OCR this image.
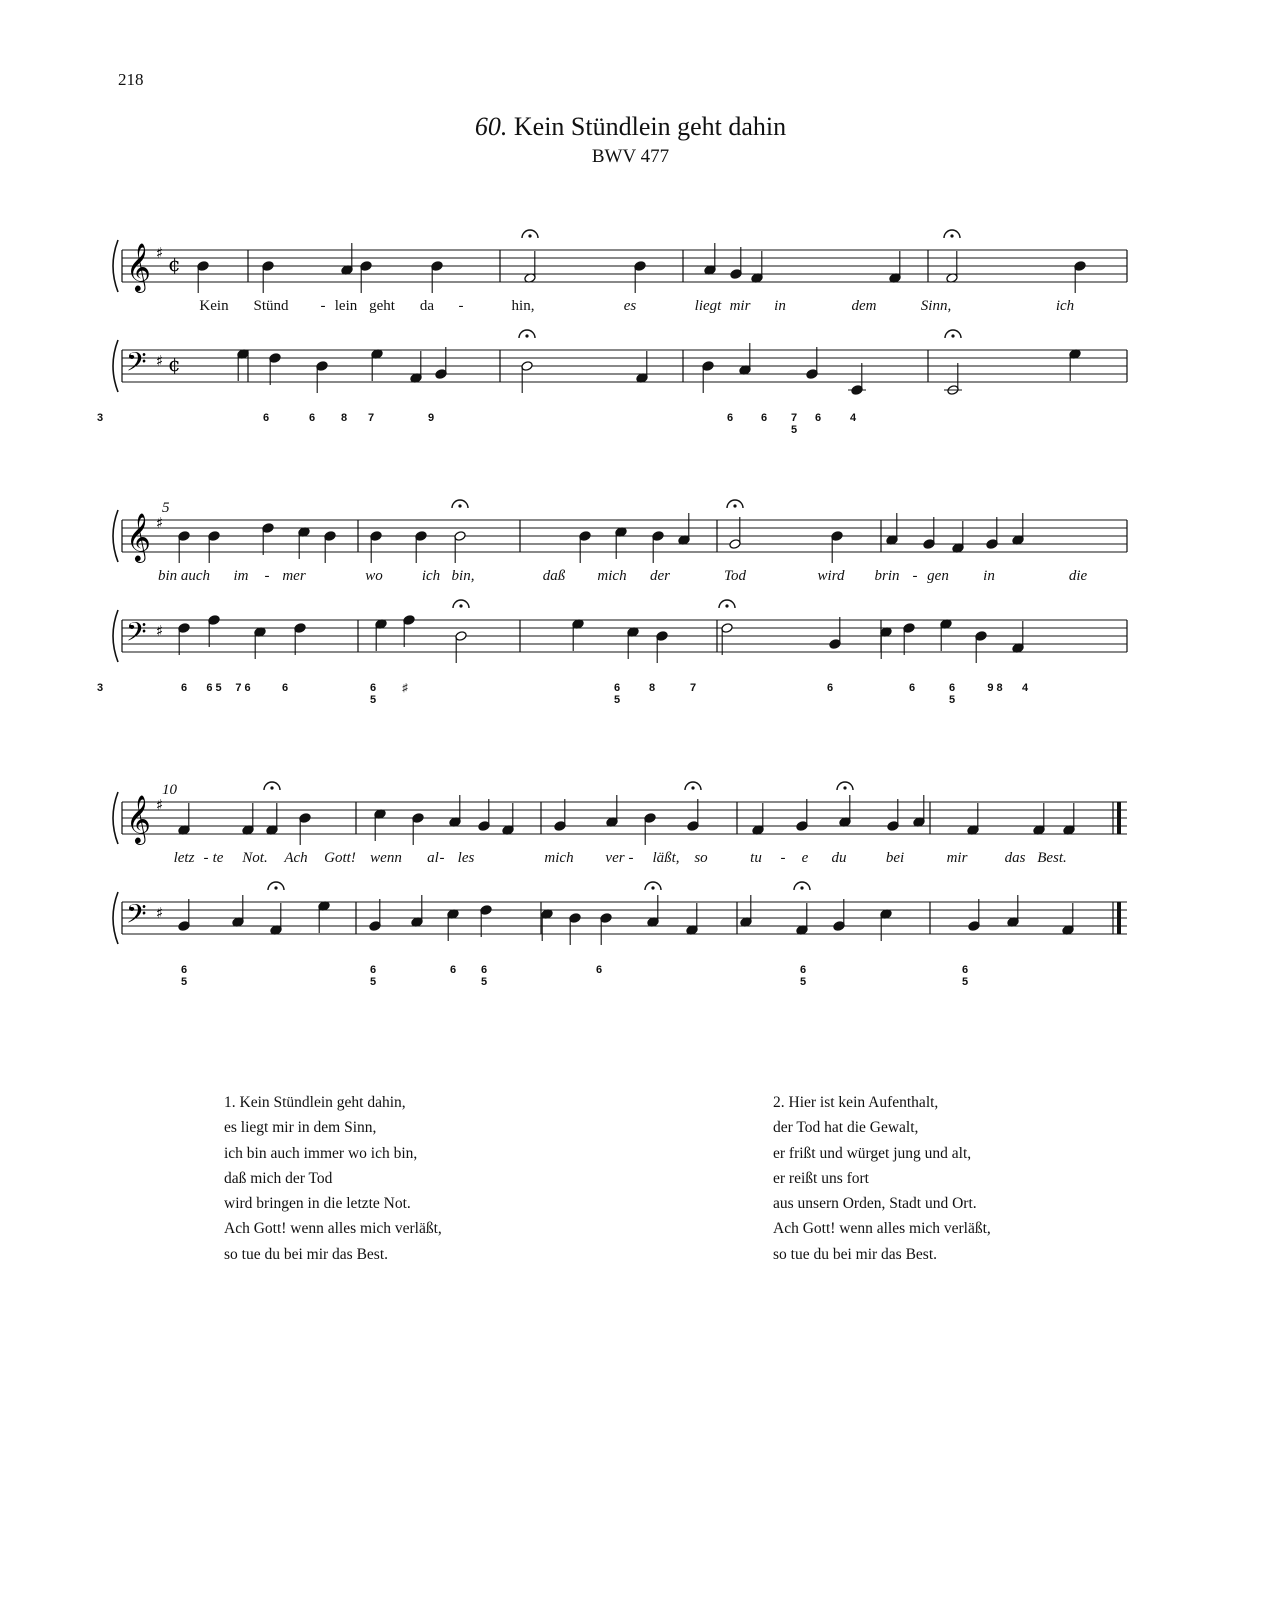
218
60. Kein Stündlein geht dahin
BWV 477
𝄞
𝄢
♯
♯
¢
¢
Kein Stünd - lein geht da -	hin,	es	liegt mir in	dem	Sinn,	ich
6	6 8 7	9	6	6 7
5
6	4
3
5
𝄞
𝄢
♯
♯
bin auch im - mer	wo	ich bin,	daß mich der	Tod	wird brin - gen in	die
6 6 5 7 6	6	6
5
♯	6
5
8	7	6	6	6
5
9 8 4
3
10
𝄞
𝄢
♯
♯
letz - te Not. Ach Gott! wenn al - les	mich ver - läßt, so	tu - e du	bei	mir das Best.
6
5
6
5
6 6
5
6	6
5
6
5
1. Kein Stündlein geht dahin,
es liegt mir in dem Sinn,
ich bin auch immer wo ich bin,
daß mich der Tod
wird bringen in die letzte Not.
Ach Gott! wenn alles mich verläßt,
so tue du bei mir das Best.
2. Hier ist kein Aufenthalt,
der Tod hat die Gewalt,
er frißt und würget jung und alt,
er reißt uns fort
aus unsern Orden, Stadt und Ort.
Ach Gott! wenn alles mich verläßt,
so tue du bei mir das Best.
